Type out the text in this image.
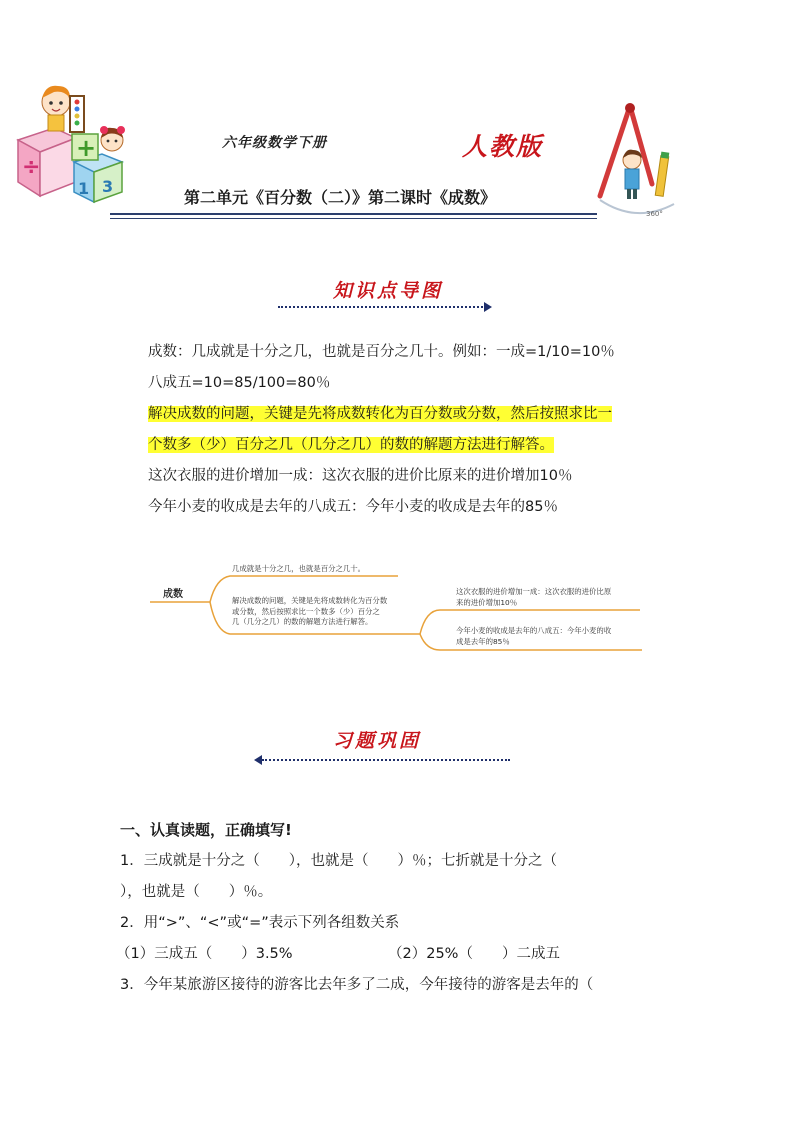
÷
1 3
+
360°
六年级数学下册	人教版
第二单元《百分数（二）》第二课时《成数》
知识点导图
成数：几成就是十分之几，也就是百分之几十。例如：一成=1/10=10％
八成五=10=85/100=80％
解决成数的问题，关键是先将成数转化为百分数或分数，然后按照求比一
个数多（少）百分之几（几分之几）的数的解题方法进行解答。
这次衣服的进价增加一成：这次衣服的进价比原来的进价增加10％
今年小麦的收成是去年的八成五：今年小麦的收成是去年的85％
成数
几成就是十分之几，也就是百分之几十。
解决成数的问题，关键是先将成数转化为百分数
或分数，然后按照求比一个数多（少）百分之
几（几分之几）的数的解题方法进行解答。
这次衣服的进价增加一成：这次衣服的进价比原
来的进价增加10％
今年小麦的收成是去年的八成五：今年小麦的收
成是去年的85％
习题巩固
一、认真读题，正确填写!
1．三成就是十分之（　　），也就是（　　）％；七折就是十分之（
），也就是（　　）％。
2．用“>”、“<”或“=”表示下列各组数关系
（1）三成五（　　）3.5%	（2）25%（　　）二成五
3．今年某旅游区接待的游客比去年多了二成，今年接待的游客是去年的（
